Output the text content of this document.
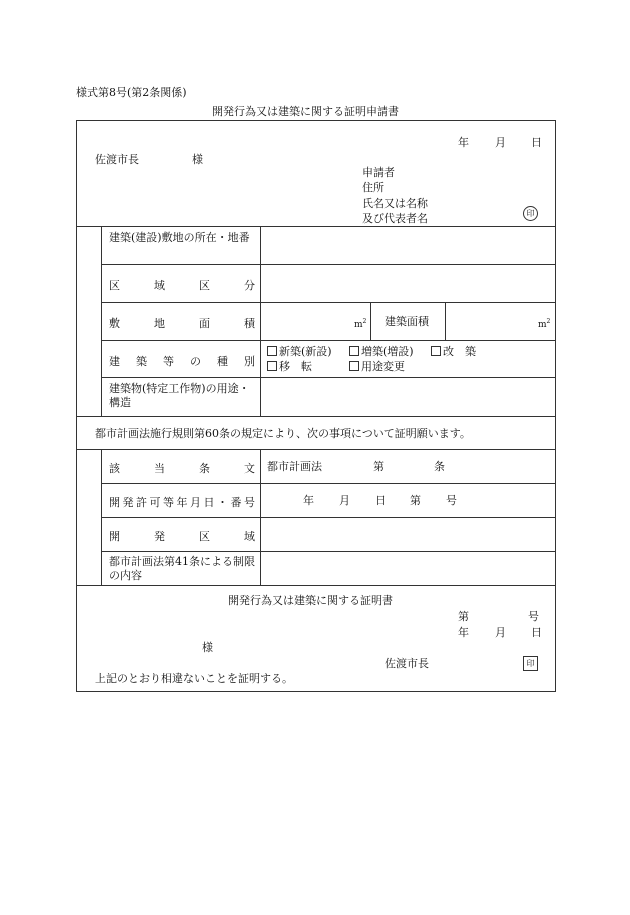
様式第8号(第2条関係)
開発行為又は建築に関する証明申請書
年 月 日
佐渡市長	様
申請者
住所
氏名又は名称
及び代表者名	印
建築(建設)敷地の所在・地番
区	域	区	分
敷	地	面	積	$m^2$ 建築面積	$m^2$
建 築 等 の 種 別
新築(新設)	増築(増設)	改　築
移　転	用途変更
建築物(特定工作物)の用途・構造
都市計画法施行規則第60条の規定により、次の事項について証明願います。
該	当	条	文 都市計画法	第	条
開 発 許 可 等 年 月 日 ・ 番 号	年 月 日 第 号
開	発	区	域
都市計画法第41条による制限の内容
開発行為又は建築に関する証明書
第	号
年 月 日
様
佐渡市長	印
上記のとおり相違ないことを証明する。
